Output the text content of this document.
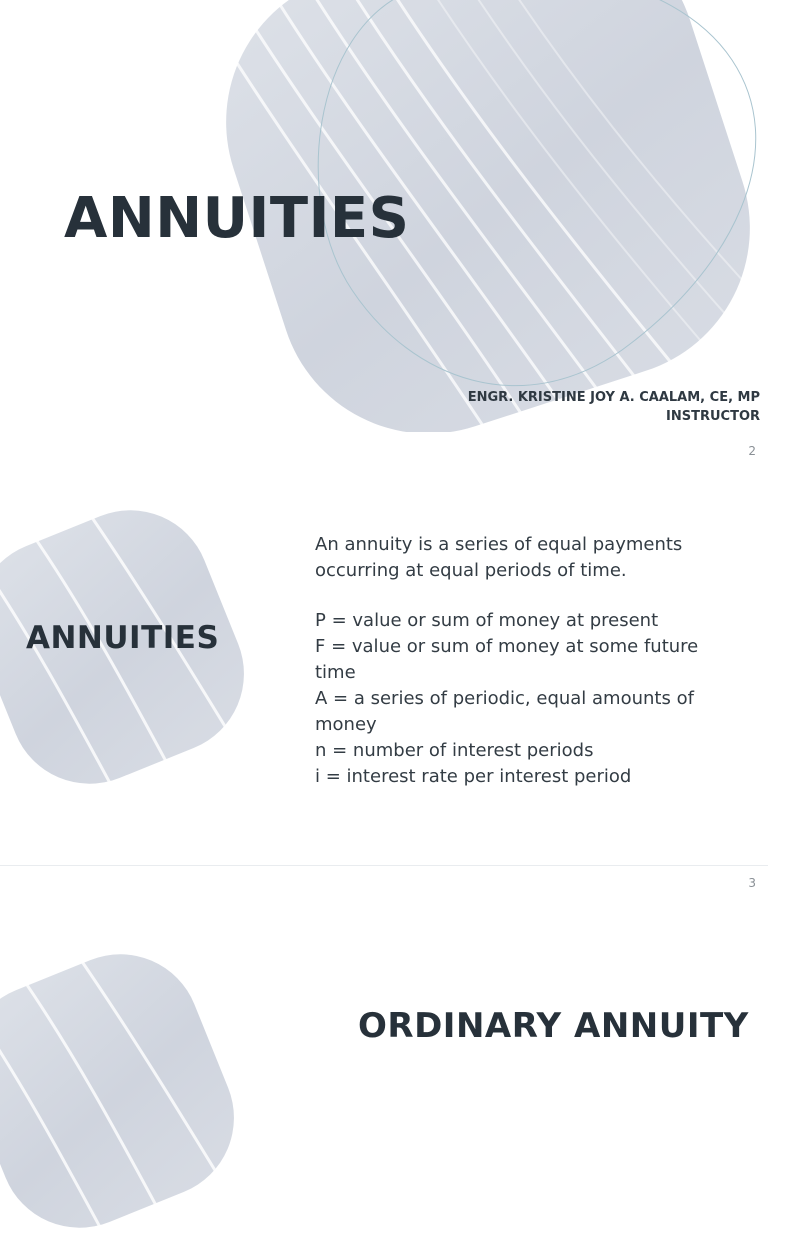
ANNUITIES
ENGR. KRISTINE JOY A. CAALAM, CE, MP
INSTRUCTOR
2
ANNUITIES

An annuity is a series of equal payments occurring at equal periods of time.

P = value or sum of money at present

F = value or sum of money at some future time

A = a series of periodic, equal amounts of money

n = number of interest periods

i = interest rate per interest period

3
ORDINARY ANNUITY
